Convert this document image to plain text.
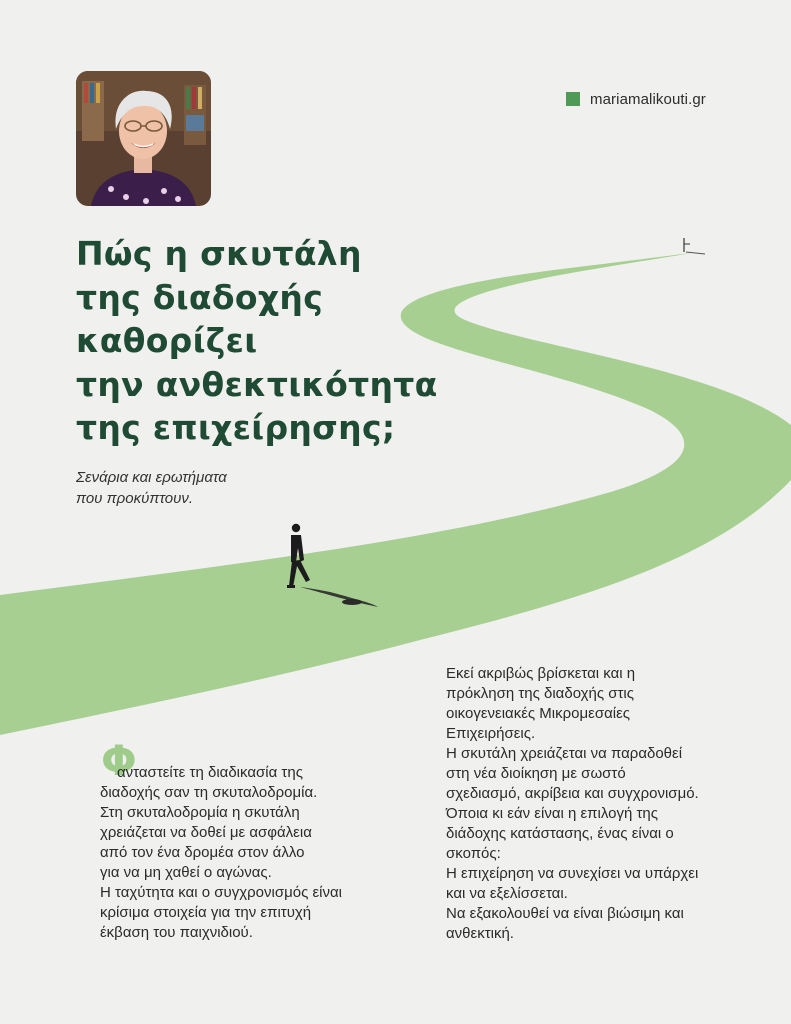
mariamalikouti.gr
Πώς η σκυτάλη
της διαδοχής
καθορίζει
την ανθεκτικότητα
της επιχείρησης;
Σενάρια και ερωτήματα
που προκύπτουν.
Φ
ανταστείτε τη διαδικασία της
διαδοχής σαν τη σκυταλοδρομία.
Στη σκυταλοδρομία η σκυτάλη
χρειάζεται να δοθεί με ασφάλεια
από τον ένα δρομέα στον άλλο
για να μη χαθεί ο αγώνας.
Η ταχύτητα και ο συγχρονισμός είναι
κρίσιμα στοιχεία για την επιτυχή
έκβαση του παιχνιδιού.
Εκεί ακριβώς βρίσκεται και η
πρόκληση της διαδοχής στις
οικογενειακές Μικρομεσαίες
Επιχειρήσεις.
Η σκυτάλη χρειάζεται να παραδοθεί
στη νέα διοίκηση με σωστό
σχεδιασμό, ακρίβεια και συγχρονισμό.
Όποια κι εάν είναι η επιλογή της
διάδοχης κατάστασης, ένας είναι ο
σκοπός:
Η επιχείρηση να συνεχίσει να υπάρχει
και να εξελίσσεται.
Να εξακολουθεί να είναι βιώσιμη και
ανθεκτική.
